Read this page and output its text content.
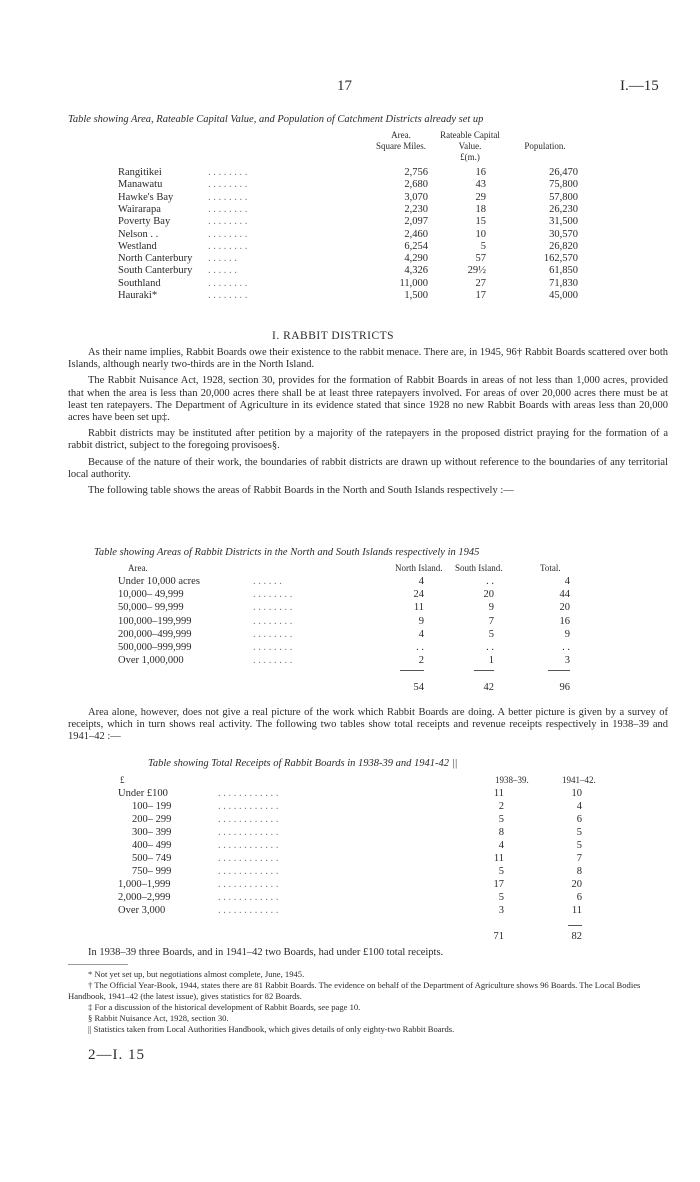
17	I.—15
Table showing Area, Rateable Capital Value, and Population of Catchment Districts already set up
Area.
Square Miles.
Rateable Capital
Value.
£(m.)
Population.
Rangitikei	. . . . . . . .	2,756	16	26,470
Manawatu	. . . . . . . .	2,680	43	75,800
Hawke's Bay	. . . . . . . .	3,070	29	57,800
Wairarapa	. . . . . . . .	2,230	18	26,230
Poverty Bay	. . . . . . . .	2,097	15	31,500
Nelson . .	. . . . . . . .	2,460	10	30,570
Westland	. . . . . . . .	6,254	5	26,820
North Canterbury . . . . . .	4,290	57	162,570
South Canterbury . . . . . .	4,326	29½	61,850
Southland	. . . . . . . .	11,000	27	71,830
Hauraki*	. . . . . . . .	1,500	17	45,000
I. RABBIT DISTRICTS

As their name implies, Rabbit Boards owe their existence to the rabbit menace. There are, in 1945, 96† Rabbit Boards scattered over both Islands, although nearly two-thirds are in the North Island.

The Rabbit Nuisance Act, 1928, section 30, provides for the formation of Rabbit Boards in areas of not less than 1,000 acres, provided that when the area is less than 20,000 acres there shall be at least three ratepayers involved. For areas of over 20,000 acres there must be at least ten ratepayers. The Department of Agriculture in its evidence stated that since 1928 no new Rabbit Boards with areas less than 20,000 acres have been set up‡.

Rabbit districts may be instituted after petition by a majority of the ratepayers in the proposed district praying for the formation of a rabbit district, subject to the foregoing provisoes§.

Because of the nature of their work, the boundaries of rabbit districts are drawn up without reference to the boundaries of any territorial local authority.

The following table shows the areas of Rabbit Boards in the North and South Islands respectively :—

Table showing Areas of Rabbit Districts in the North and South Islands respectively in 1945
Area.	North Island. South Island.	Total.
Under 10,000 acres	. . . . . .	4	. .	4
10,000– 49,999	. . . . . . . .	24	20	44
50,000– 99,999	. . . . . . . .	11	9	20
100,000–199,999	. . . . . . . .	9	7	16
200,000–499,999	. . . . . . . .	4	5	9
500,000–999,999	. . . . . . . .	. .	. .	. .
Over 1,000,000	. . . . . . . .	2	1	3
54	42	96

Area alone, however, does not give a real picture of the work which Rabbit Boards are doing. A better picture is given by a survey of receipts, which in turn shows real activity. The following two tables show total receipts and revenue receipts respectively in 1938–39 and 1941–42 :—

Table showing Total Receipts of Rabbit Boards in 1938-39 and 1941-42 ||
£	1938–39.	1941–42.
Under £100	. . . . . . . . . . . .	11	10
100– 199	. . . . . . . . . . . .	2	4
200– 299	. . . . . . . . . . . .	5	6
300– 399	. . . . . . . . . . . .	8	5
400– 499	. . . . . . . . . . . .	4	5
500– 749	. . . . . . . . . . . .	11	7
750– 999	. . . . . . . . . . . .	5	8
1,000–1,999	. . . . . . . . . . . .	17	20
2,000–2,999	. . . . . . . . . . . .	5	6
Over 3,000	. . . . . . . . . . . .	3	11
71	82

In 1938–39 three Boards, and in 1941–42 two Boards, had under £100 total receipts.

* Not yet set up, but negotiations almost complete, June, 1945.

† The Official Year-Book, 1944, states there are 81 Rabbit Boards. The evidence on behalf of the Department of Agriculture shows 96 Boards. The Local Bodies Handbook, 1941–42 (the latest issue), gives statistics for 82 Boards.

‡ For a discussion of the historical development of Rabbit Boards, see page 10.

§ Rabbit Nuisance Act, 1928, section 30.

|| Statistics taken from Local Authorities Handbook, which gives details of only eighty-two Rabbit Boards.

2—I. 15
